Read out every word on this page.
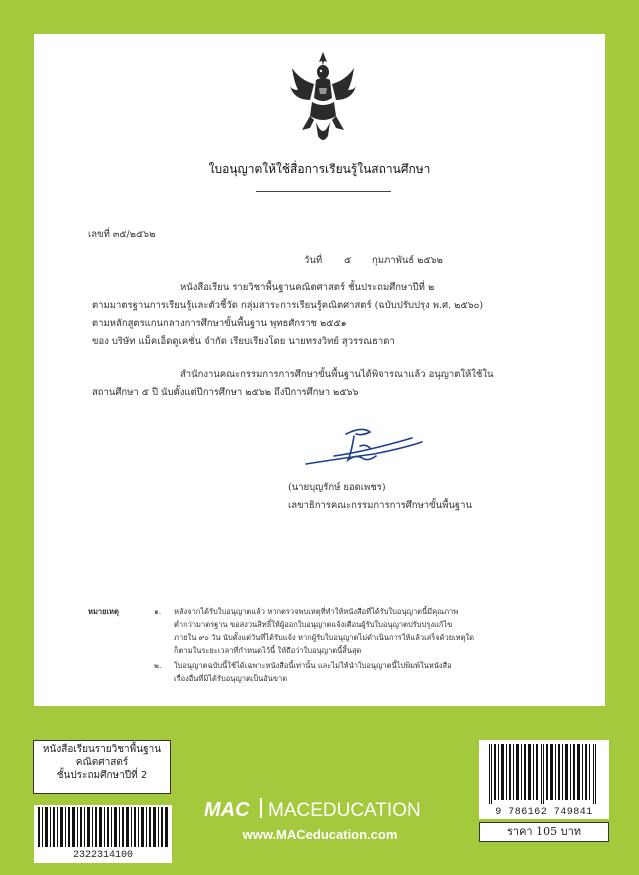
ใบอนุญาตให้ใช้สื่อการเรียนรู้ในสถานศึกษา
เลขที่ ๓๕/๒๕๖๒
วันที่ ๕ กุมภาพันธ์ ๒๕๖๒
หนังสือเรียน รายวิชาพื้นฐานคณิตศาสตร์ ชั้นประถมศึกษาปีที่ ๒
ตามมาตรฐานการเรียนรู้และตัวชี้วัด กลุ่มสาระการเรียนรู้คณิตศาสตร์ (ฉบับปรับปรุง พ.ศ. ๒๕๖๐)
ตามหลักสูตรแกนกลางการศึกษาขั้นพื้นฐาน พุทธศักราช ๒๕๕๑
ของ บริษัท แม็คเอ็ดดูเคชั่น จำกัด เรียบเรียงโดย นายทรงวิทย์ สุวรรณธาดา
สำนักงานคณะกรรมการการศึกษาขั้นพื้นฐานได้พิจารณาแล้ว อนุญาตให้ใช้ใน
สถานศึกษา ๕ ปี นับตั้งแต่ปีการศึกษา ๒๕๖๒ ถึงปีการศึกษา ๒๕๖๖
(นายบุญรักษ์ ยอดเพชร)
เลขาธิการคณะกรรมการการศึกษาขั้นพื้นฐาน
หมายเหตุ	๑. หลังจากได้รับใบอนุญาตแล้ว หากตรวจพบเหตุที่ทำให้หนังสือที่ได้รับใบอนุญาตนี้มีคุณภาพ
ต่ำกว่ามาตรฐาน ขอสงวนสิทธิ์ให้ผู้ออกใบอนุญาตแจ้งเตือนผู้รับใบอนุญาตปรับปรุงแก้ไข
ภายใน ๙๐ วัน นับตั้งแต่วันที่ได้รับแจ้ง หากผู้รับใบอนุญาตไม่ดำเนินการให้แล้วเสร็จด้วยเหตุใด
ก็ตามในระยะเวลาที่กำหนดไว้นี้ ให้ถือว่าใบอนุญาตนี้สิ้นสุด
๒. ใบอนุญาตฉบับนี้ใช้ได้เฉพาะหนังสือนี้เท่านั้น และไม่ให้นำใบอนุญาตนี้ไปพิมพ์ในหนังสือ
เรื่องอื่นที่มิได้รับอนุญาตเป็นอันขาด
หนังสือเรียนรายวิชาพื้นฐาน
คณิตศาสตร์
ชั้นประถมศึกษาปีที่ 2
2322314100
MAC MACEDUCATION
www.MACeducation.com
9 786162 749841
ราคา 105 บาท
